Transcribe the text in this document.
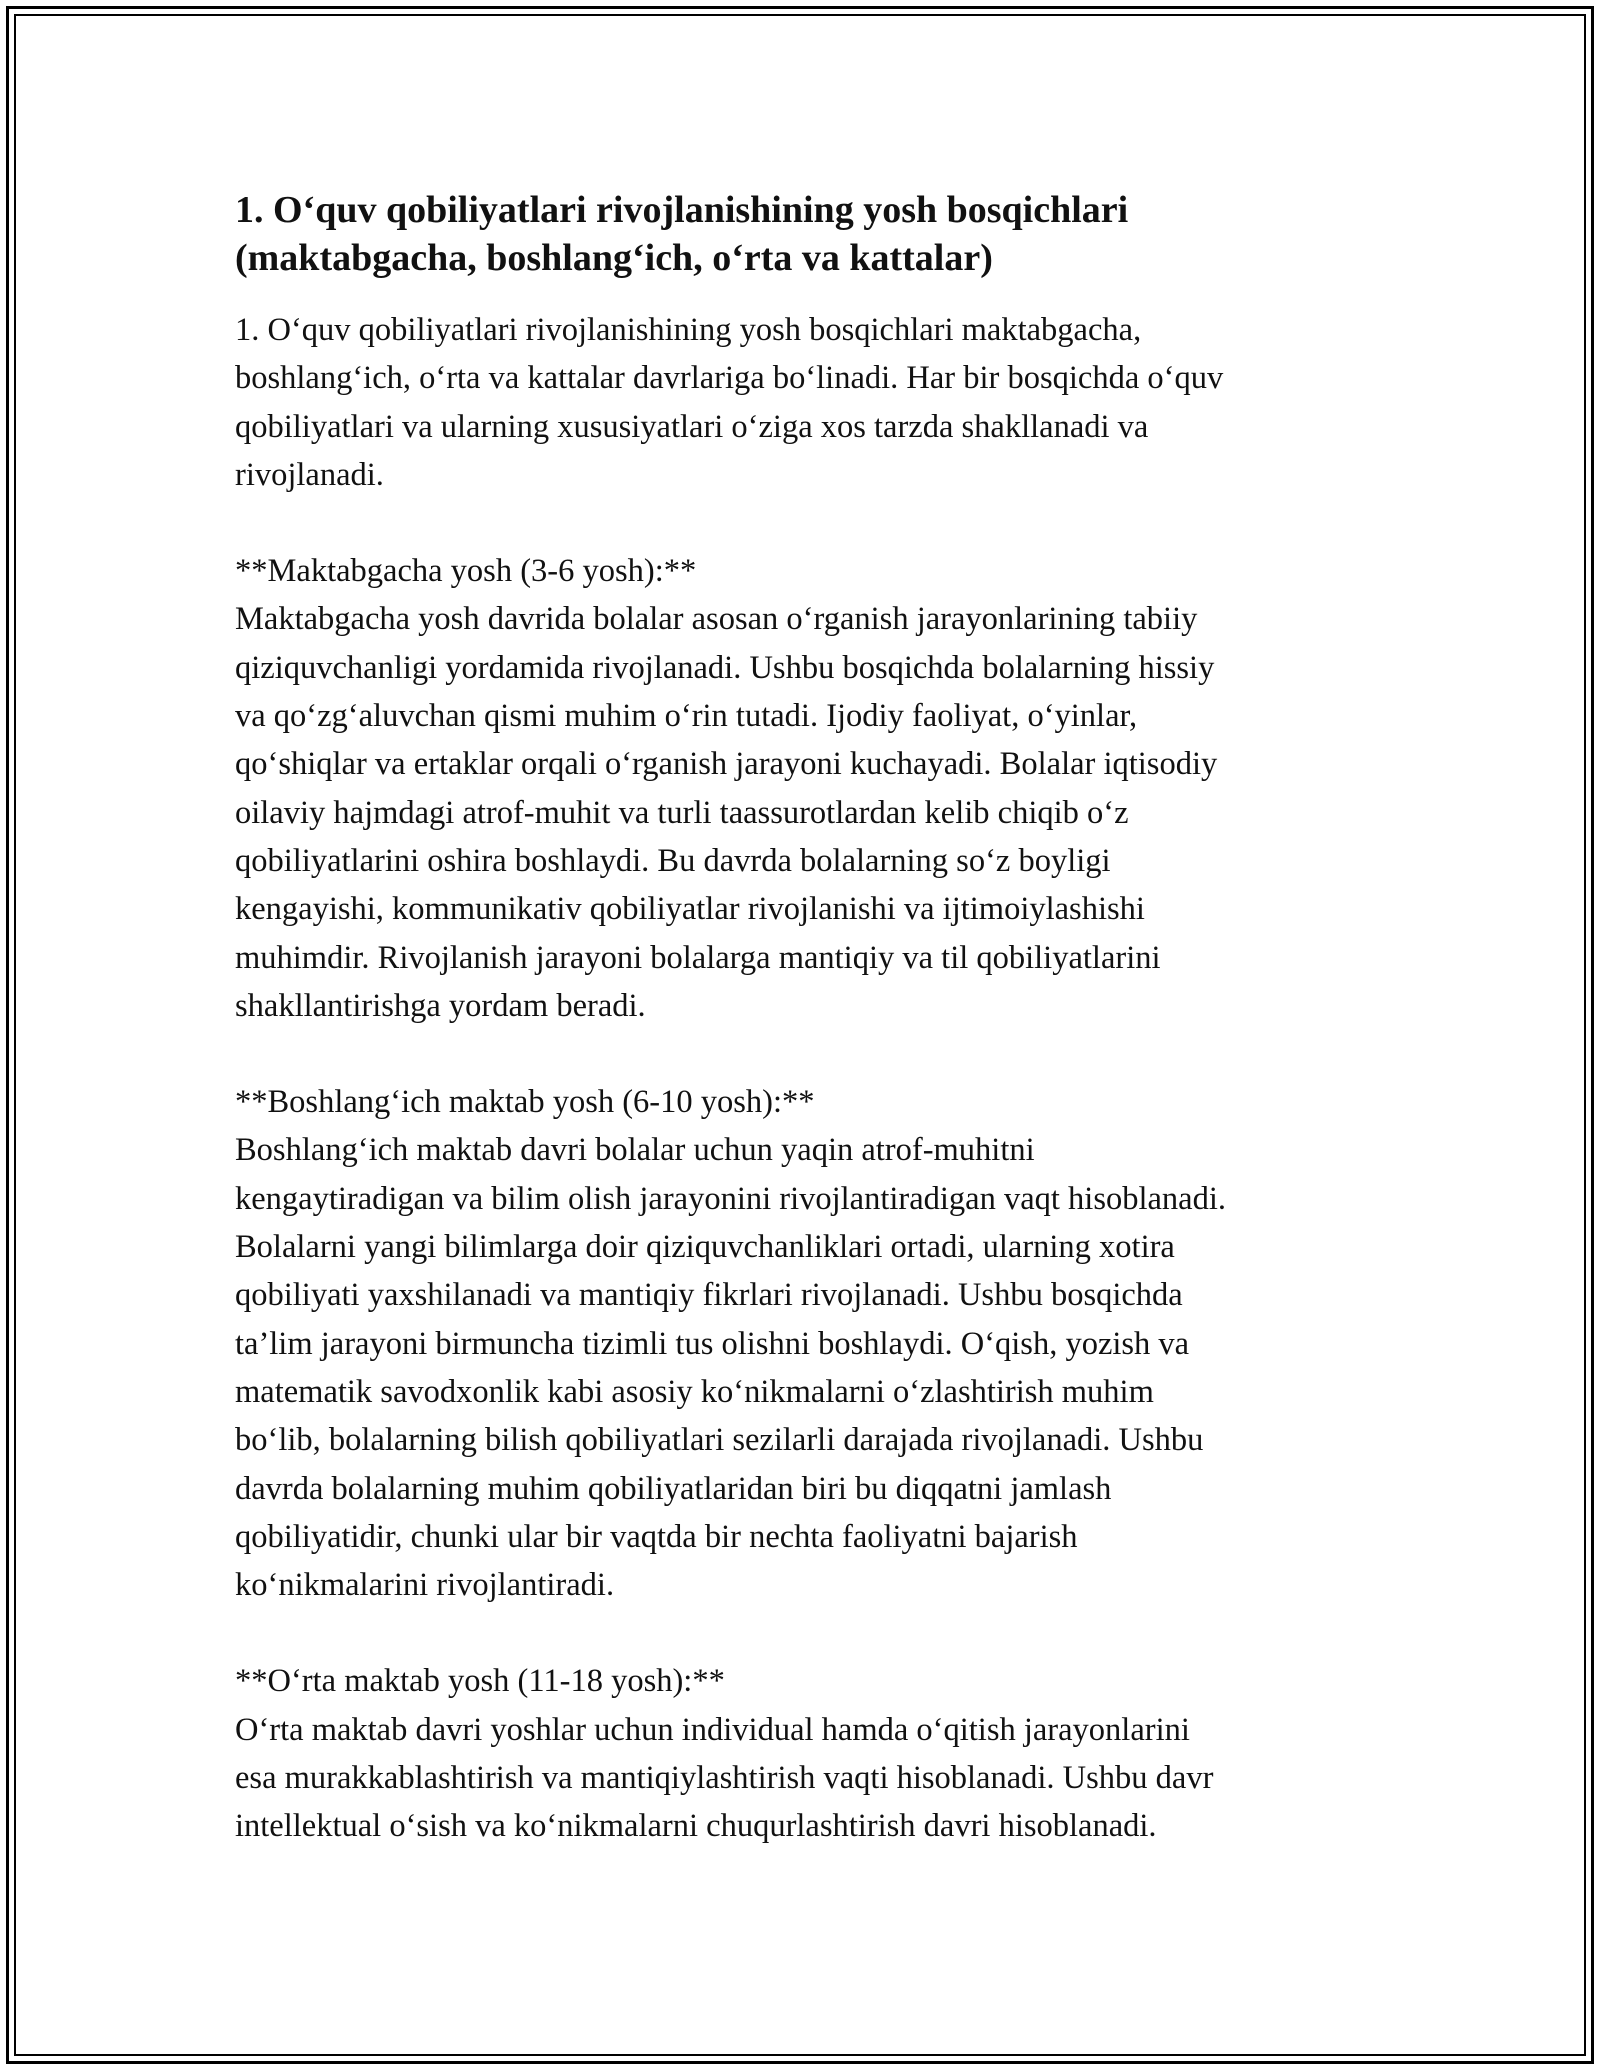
1. O‘quv qobiliyatlari rivojlanishining yosh bosqichlari
(maktabgacha, boshlang‘ich, o‘rta va kattalar)

1. O‘quv qobiliyatlari rivojlanishining yosh bosqichlari maktabgacha,
boshlang‘ich, o‘rta va kattalar davrlariga bo‘linadi. Har bir bosqichda o‘quv
qobiliyatlari va ularning xususiyatlari o‘ziga xos tarzda shakllanadi va
rivojlanadi.

**Maktabgacha yosh (3-6 yosh):**

Maktabgacha yosh davrida bolalar asosan o‘rganish jarayonlarining tabiiy
qiziquvchanligi yordamida rivojlanadi. Ushbu bosqichda bolalarning hissiy
va qo‘zg‘aluvchan qismi muhim o‘rin tutadi. Ijodiy faoliyat, o‘yinlar,
qo‘shiqlar va ertaklar orqali o‘rganish jarayoni kuchayadi. Bolalar iqtisodiy
oilaviy hajmdagi atrof-muhit va turli taassurotlardan kelib chiqib o‘z
qobiliyatlarini oshira boshlaydi. Bu davrda bolalarning so‘z boyligi
kengayishi, kommunikativ qobiliyatlar rivojlanishi va ijtimoiylashishi
muhimdir. Rivojlanish jarayoni bolalarga mantiqiy va til qobiliyatlarini
shakllantirishga yordam beradi.

**Boshlang‘ich maktab yosh (6-10 yosh):**

Boshlang‘ich maktab davri bolalar uchun yaqin atrof-muhitni
kengaytiradigan va bilim olish jarayonini rivojlantiradigan vaqt hisoblanadi.
Bolalarni yangi bilimlarga doir qiziquvchanliklari ortadi, ularning xotira
qobiliyati yaxshilanadi va mantiqiy fikrlari rivojlanadi. Ushbu bosqichda
ta’lim jarayoni birmuncha tizimli tus olishni boshlaydi. O‘qish, yozish va
matematik savodxonlik kabi asosiy ko‘nikmalarni o‘zlashtirish muhim
bo‘lib, bolalarning bilish qobiliyatlari sezilarli darajada rivojlanadi. Ushbu
davrda bolalarning muhim qobiliyatlaridan biri bu diqqatni jamlash
qobiliyatidir, chunki ular bir vaqtda bir nechta faoliyatni bajarish
ko‘nikmalarini rivojlantiradi.

**O‘rta maktab yosh (11-18 yosh):**

O‘rta maktab davri yoshlar uchun individual hamda o‘qitish jarayonlarini
esa murakkablashtirish va mantiqiylashtirish vaqti hisoblanadi. Ushbu davr
intellektual o‘sish va ko‘nikmalarni chuqurlashtirish davri hisoblanadi.
